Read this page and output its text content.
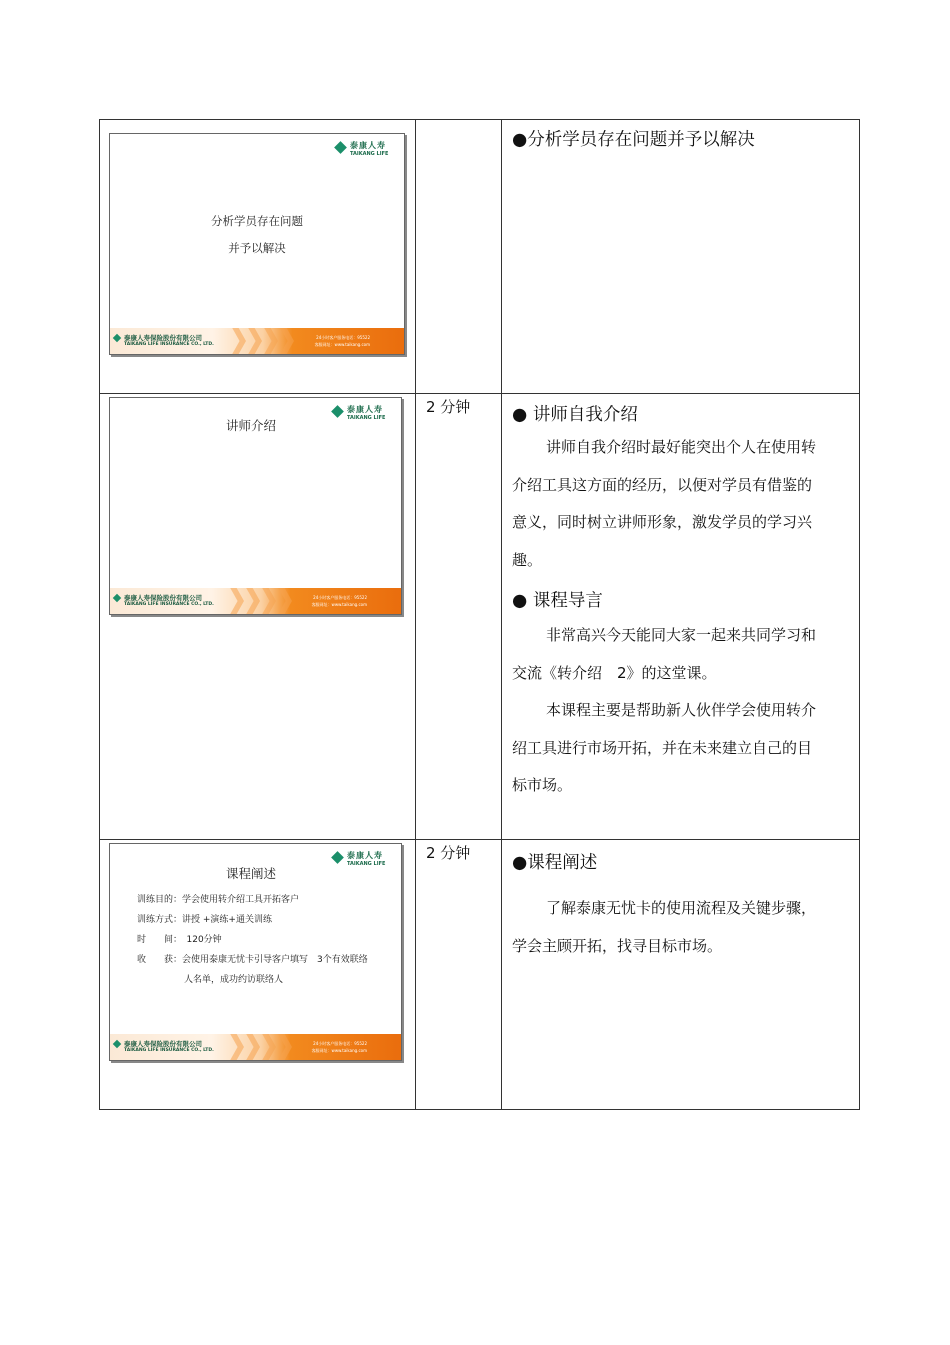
泰康人寿
TAIKANG LIFE
分析学员存在问题
并予以解决
泰康人寿保险股份有限公司
TAIKANG LIFE INSURANCE CO., LTD.
24小时客户服务电话：95522
客服网址：www.taikang.com
●分析学员存在问题并予以解决
泰康人寿
TAIKANG LIFE
讲师介绍
泰康人寿保险股份有限公司
TAIKANG LIFE INSURANCE CO., LTD.
24小时客户服务电话：95522
客服网址：www.taikang.com
2 分钟 ● 讲师自我介绍
讲师自我介绍时最好能突出个人在使用转
介绍工具这方面的经历，以便对学员有借鉴的
意义，同时树立讲师形象，激发学员的学习兴
趣。
● 课程导言
非常高兴今天能同大家一起来共同学习和
交流《转介绍　2》的这堂课。
本课程主要是帮助新人伙伴学会使用转介
绍工具进行市场开拓，并在未来建立自己的目
标市场。
泰康人寿
TAIKANG LIFE
课程阐述
训练目的：学会使用转介绍工具开拓客户
训练方式：讲授 +演练+通关训练
时　　间：　120分钟
收　　获：会使用泰康无忧卡引导客户填写　3个有效联络
人名单，成功约访联络人
泰康人寿保险股份有限公司
TAIKANG LIFE INSURANCE CO., LTD.
24小时客户服务电话：95522
客服网址：www.taikang.com
2 分钟 ●课程阐述
了解泰康无忧卡的使用流程及关键步骤，
学会主顾开拓，找寻目标市场。
